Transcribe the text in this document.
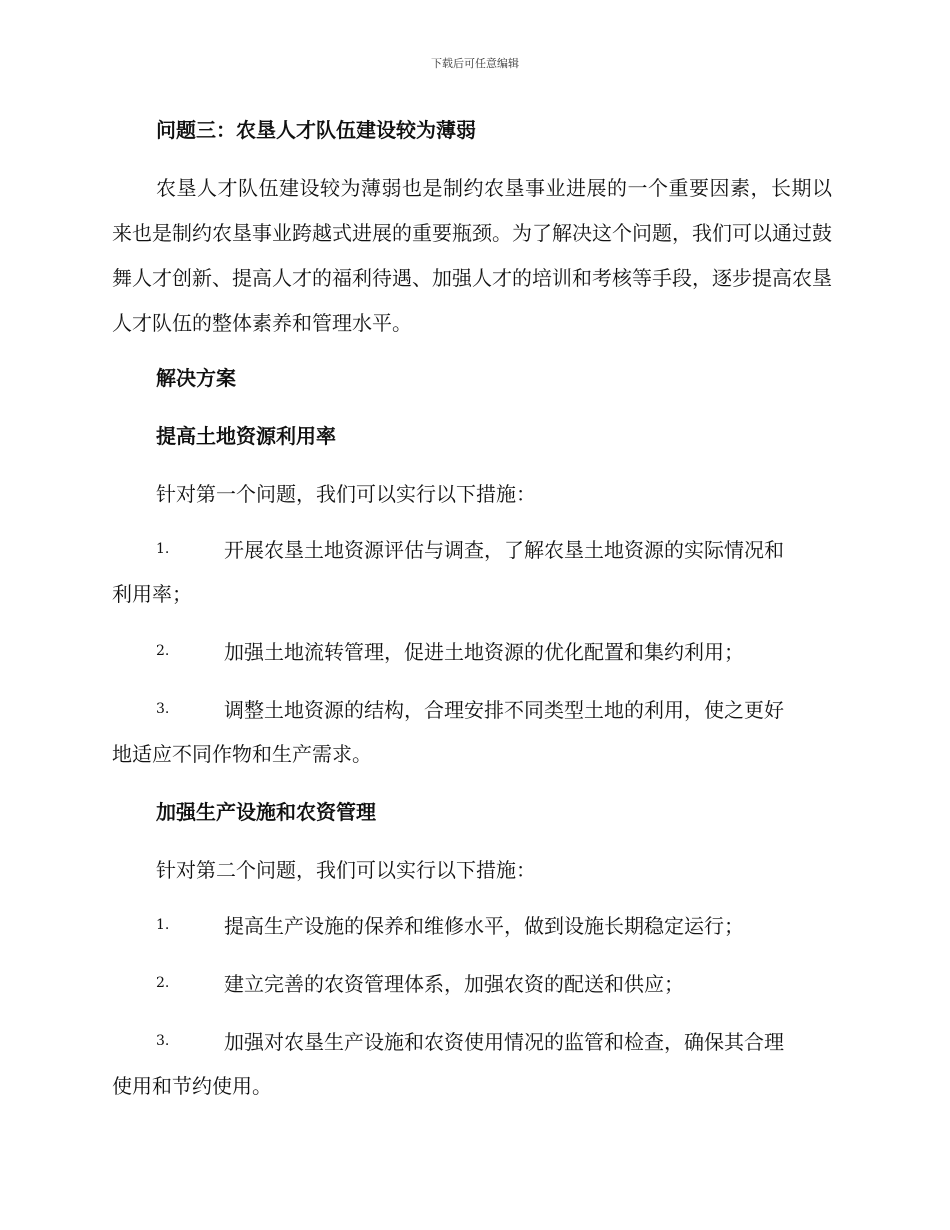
下载后可任意编辑
问题三：农垦人才队伍建设较为薄弱
农垦人才队伍建设较为薄弱也是制约农垦事业进展的一个重要因素，长期以来也是制约农垦事业跨越式进展的重要瓶颈。为了解决这个问题，我们可以通过鼓舞人才创新、提高人才的福利待遇、加强人才的培训和考核等手段，逐步提高农垦人才队伍的整体素养和管理水平。
解决方案
提高土地资源利用率
针对第一个问题，我们可以实行以下措施：
1.	开展农垦土地资源评估与调查，了解农垦土地资源的实际情况和
利用率；
2.	加强土地流转管理，促进土地资源的优化配置和集约利用；
3.	调整土地资源的结构，合理安排不同类型土地的利用，使之更好
地适应不同作物和生产需求。
加强生产设施和农资管理
针对第二个问题，我们可以实行以下措施：
1.	提高生产设施的保养和维修水平，做到设施长期稳定运行；
2.	建立完善的农资管理体系，加强农资的配送和供应；
3.	加强对农垦生产设施和农资使用情况的监管和检查，确保其合理
使用和节约使用。
